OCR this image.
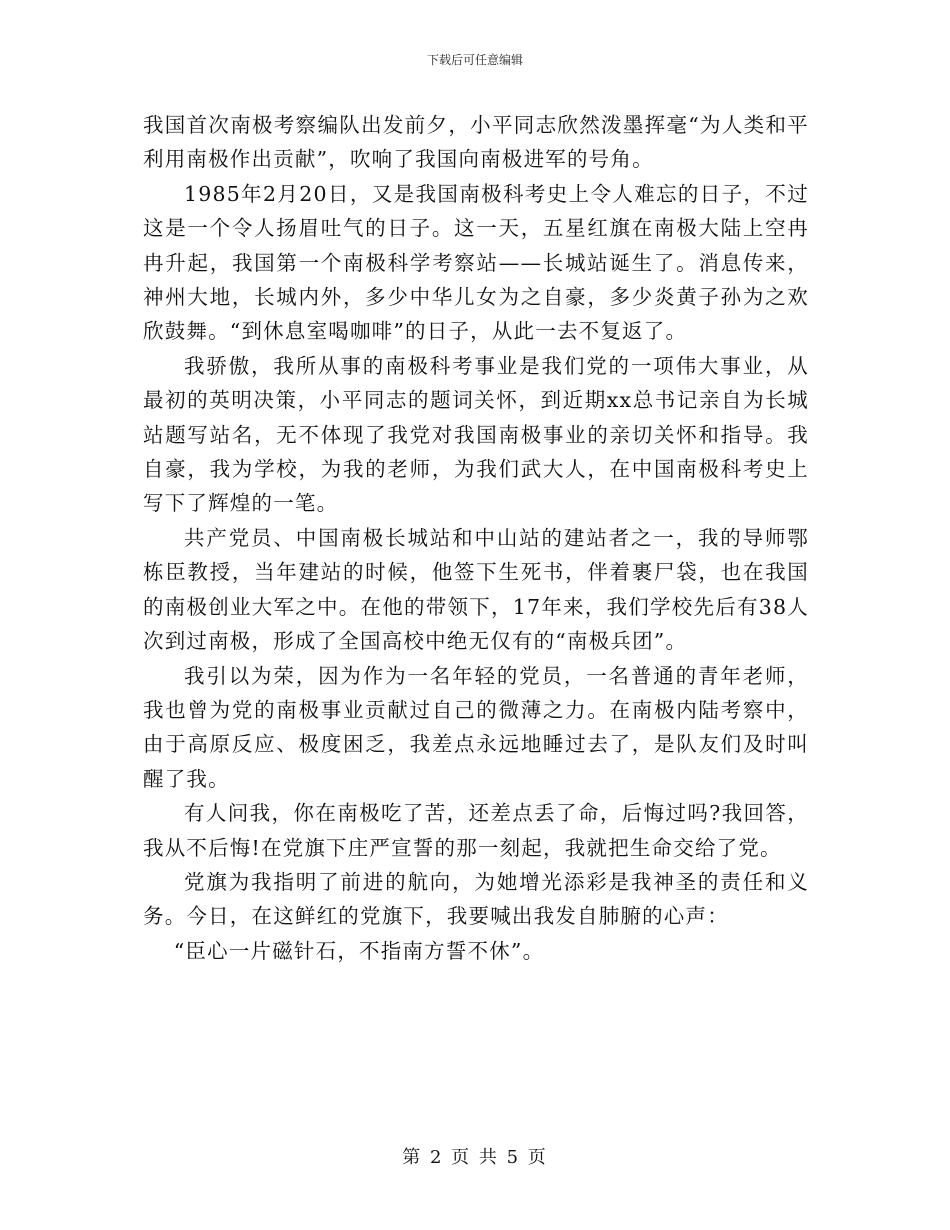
下载后可任意编辑

我国首次南极考察编队出发前夕，小平同志欣然泼墨挥毫“为人类和平利用南极作出贡献”，吹响了我国向南极进军的号角。

1985年2月20日，又是我国南极科考史上令人难忘的日子，不过这是一个令人扬眉吐气的日子。这一天，五星红旗在南极大陆上空冉冉升起，我国第一个南极科学考察站——长城站诞生了。消息传来，神州大地，长城内外，多少中华儿女为之自豪，多少炎黄子孙为之欢欣鼓舞。“到休息室喝咖啡”的日子，从此一去不复返了。

我骄傲，我所从事的南极科考事业是我们党的一项伟大事业，从最初的英明决策，小平同志的题词关怀，到近期xx总书记亲自为长城站题写站名，无不体现了我党对我国南极事业的亲切关怀和指导。我自豪，我为学校，为我的老师，为我们武大人，在中国南极科考史上写下了辉煌的一笔。

共产党员、中国南极长城站和中山站的建站者之一，我的导师鄂栋臣教授，当年建站的时候，他签下生死书，伴着裹尸袋，也在我国的南极创业大军之中。在他的带领下，17年来，我们学校先后有38人次到过南极，形成了全国高校中绝无仅有的“南极兵团”。

我引以为荣，因为作为一名年轻的党员，一名普通的青年老师，我也曾为党的南极事业贡献过自己的微薄之力。在南极内陆考察中，由于高原反应、极度困乏，我差点永远地睡过去了，是队友们及时叫醒了我。

有人问我，你在南极吃了苦，还差点丢了命，后悔过吗?我回答，我从不后悔!在党旗下庄严宣誓的那一刻起，我就把生命交给了党。

党旗为我指明了前进的航向，为她增光添彩是我神圣的责任和义务。今日，在这鲜红的党旗下，我要喊出我发自肺腑的心声：

“臣心一片磁针石，不指南方誓不休”。

第 2 页 共 5 页
